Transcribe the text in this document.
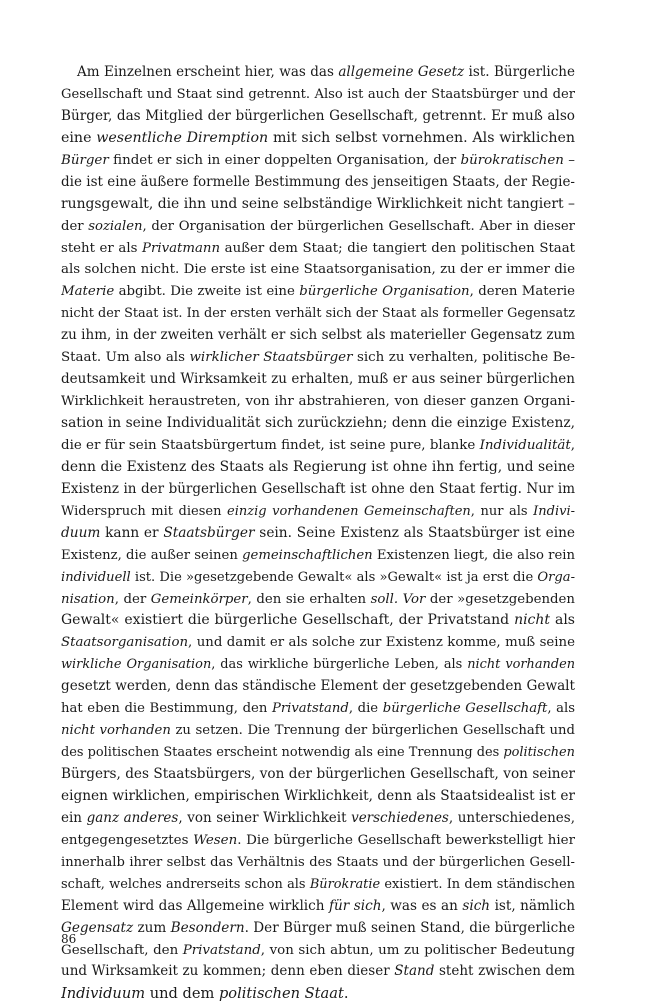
Am Einzelnen erscheint hier, was das allgemeine Gesetz ist. Bürgerliche
Gesellschaft und Staat sind getrennt. Also ist auch der Staatsbürger und der
Bürger, das Mitglied der bürgerlichen Gesellschaft, getrennt. Er muß also
eine wesentliche Diremption mit sich selbst vornehmen. Als wirklichen
Bürger findet er sich in einer doppelten Organisation, der bürokratischen –
die ist eine äußere formelle Bestimmung des jenseitigen Staats, der Regie-
rungsgewalt, die ihn und seine selbständige Wirklichkeit nicht tangiert –
der sozialen, der Organisation der bürgerlichen Gesellschaft. Aber in dieser
steht er als Privatmann außer dem Staat; die tangiert den politischen Staat
als solchen nicht. Die erste ist eine Staatsorganisation, zu der er immer die
Materie abgibt. Die zweite ist eine bürgerliche Organisation, deren Materie
nicht der Staat ist. In der ersten verhält sich der Staat als formeller Gegensatz
zu ihm, in der zweiten verhält er sich selbst als materieller Gegensatz zum
Staat. Um also als wirklicher Staatsbürger sich zu verhalten, politische Be-
deutsamkeit und Wirksamkeit zu erhalten, muß er aus seiner bürgerlichen
Wirklichkeit heraustreten, von ihr abstrahieren, von dieser ganzen Organi-
sation in seine Individualität sich zurückziehn; denn die einzige Existenz,
die er für sein Staatsbürgertum findet, ist seine pure, blanke Individualität,
denn die Existenz des Staats als Regierung ist ohne ihn fertig, und seine
Existenz in der bürgerlichen Gesellschaft ist ohne den Staat fertig. Nur im
Widerspruch mit diesen einzig vorhandenen Gemeinschaften, nur als Indivi-
duum kann er Staatsbürger sein. Seine Existenz als Staatsbürger ist eine
Existenz, die außer seinen gemeinschaftlichen Existenzen liegt, die also rein
individuell ist. Die »gesetzgebende Gewalt« als »Gewalt« ist ja erst die Orga-
nisation, der Gemeinkörper, den sie erhalten soll. Vor der »gesetzgebenden
Gewalt« existiert die bürgerliche Gesellschaft, der Privatstand nicht als
Staatsorganisation, und damit er als solche zur Existenz komme, muß seine
wirkliche Organisation, das wirkliche bürgerliche Leben, als nicht vorhanden
gesetzt werden, denn das ständische Element der gesetzgebenden Gewalt
hat eben die Bestimmung, den Privatstand, die bürgerliche Gesellschaft, als
nicht vorhanden zu setzen. Die Trennung der bürgerlichen Gesellschaft und
des politischen Staates erscheint notwendig als eine Trennung des politischen
Bürgers, des Staatsbürgers, von der bürgerlichen Gesellschaft, von seiner
eignen wirklichen, empirischen Wirklichkeit, denn als Staatsidealist ist er
ein ganz anderes, von seiner Wirklichkeit verschiedenes, unterschiedenes,
entgegengesetztes Wesen. Die bürgerliche Gesellschaft bewerkstelligt hier
innerhalb ihrer selbst das Verhältnis des Staats und der bürgerlichen Gesell-
schaft, welches andrerseits schon als Bürokratie existiert. In dem ständischen
Element wird das Allgemeine wirklich für sich, was es an sich ist, nämlich
Gegensatz zum Besondern. Der Bürger muß seinen Stand, die bürgerliche
Gesellschaft, den Privatstand, von sich abtun, um zu politischer Bedeutung
und Wirksamkeit zu kommen; denn eben dieser Stand steht zwischen dem
Individuum und dem politischen Staat.
86
